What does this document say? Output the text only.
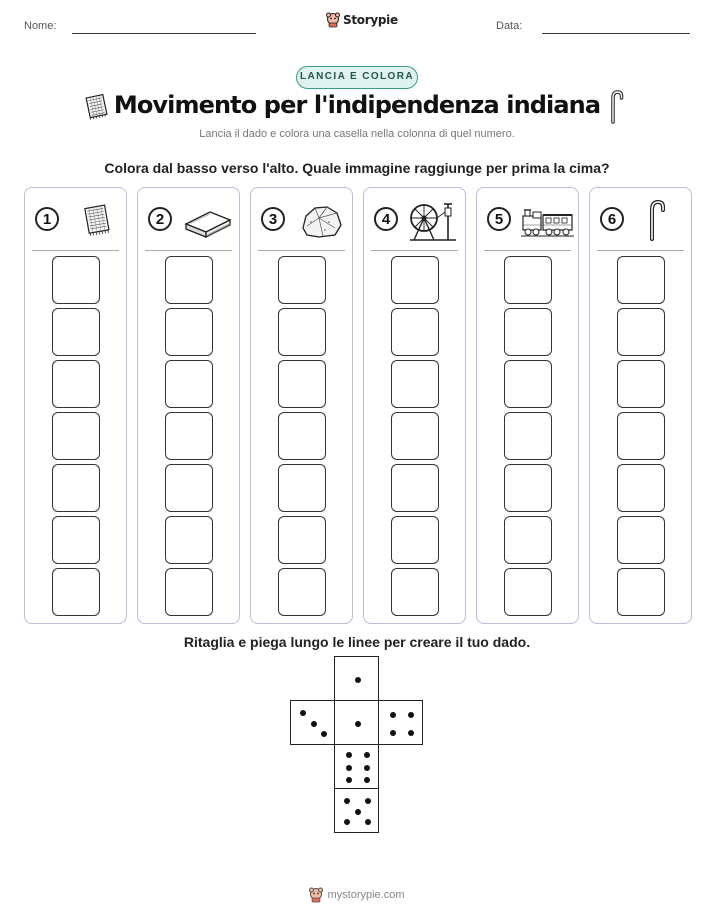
Nome:	Storypie	Data:
LANCIA E COLORA
Movimento per l'indipendenza indiana
Lancia il dado e colora una casella nella colonna di quel numero.
Colora dal basso verso l'alto. Quale immagine raggiunge per prima la cima?
1	2	3	4	5	6
Ritaglia e piega lungo le linee per creare il tuo dado.
mystorypie.com
